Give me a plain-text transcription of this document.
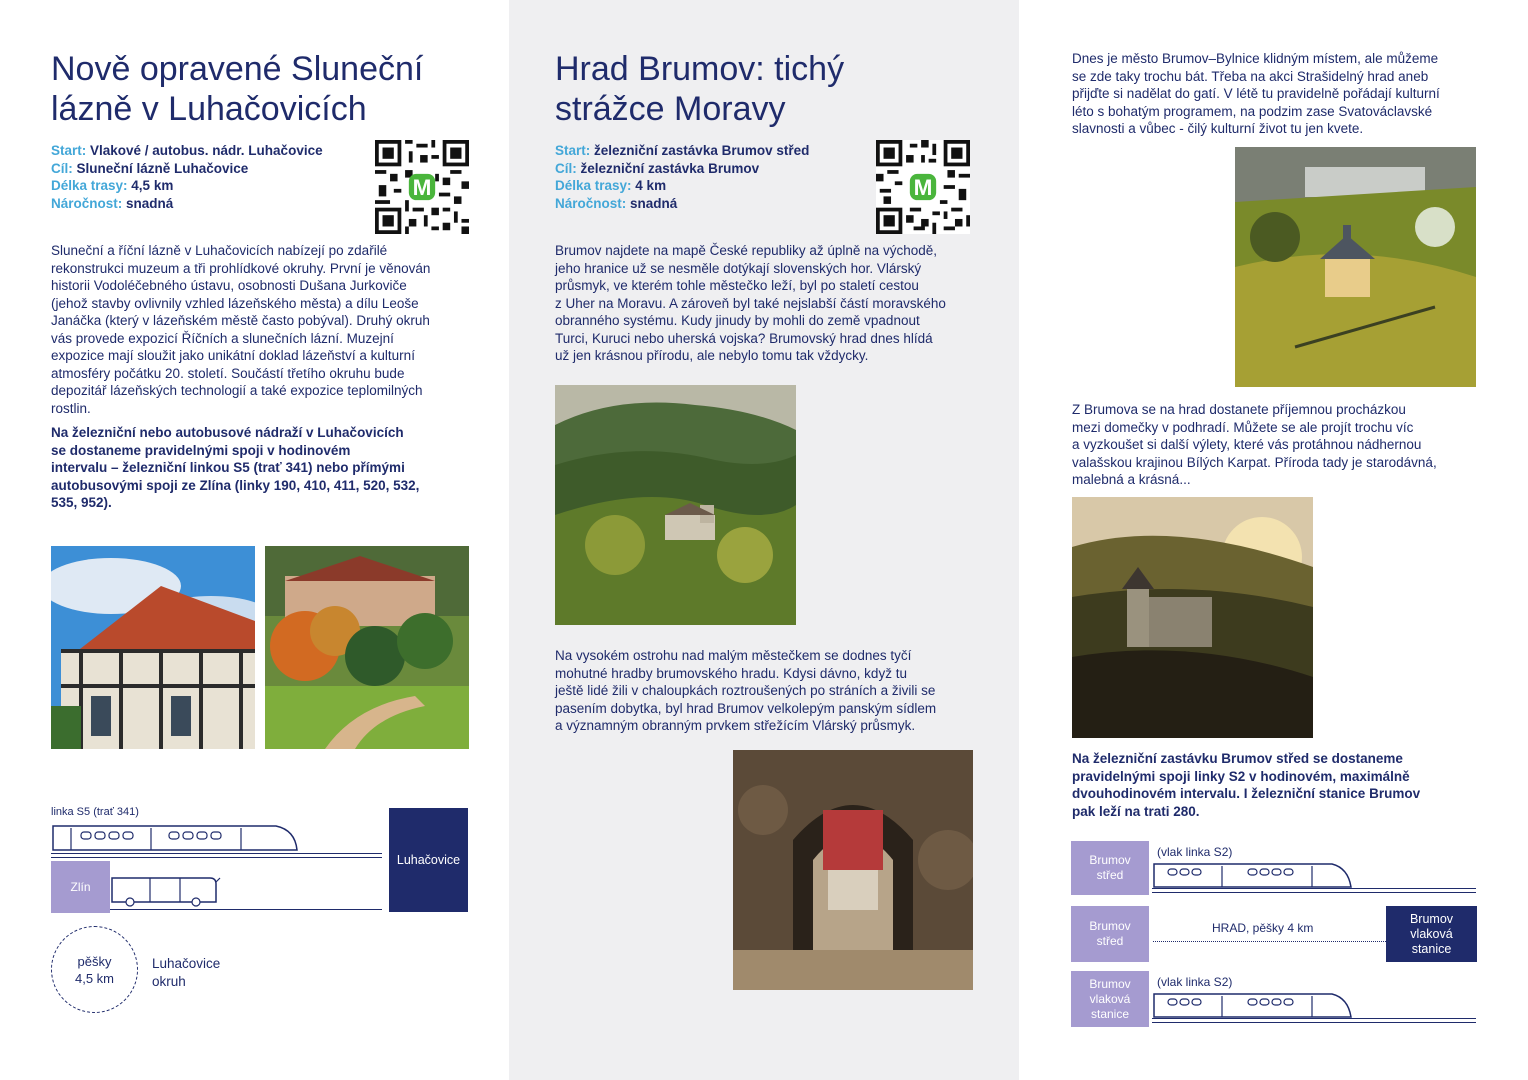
Nově opravené Sluneční
lázně v Luhačovicích
Start: Vlakové / autobus. nádr. Luhačovice
Cíl: Sluneční lázně Luhačovice
Délka trasy: 4,5 km
Náročnost: snadná
M
Sluneční a říční lázně v Luhačovicích nabízejí po zdařilé
rekonstrukci muzeum a tři prohlídkové okruhy. První je věnován
historii Vodoléčebného ústavu, osobnosti Dušana Jurkoviče
(jehož stavby ovlivnily vzhled lázeňského města) a dílu Leoše
Janáčka (který v lázeňském městě často pobýval). Druhý okruh
vás provede expozicí Říčních a slunečních lázní. Muzejní
expozice mají sloužit jako unikátní doklad lázeňství a kulturní
atmosféry počátku 20. století. Součástí třetího okruhu bude
depozitář lázeňských technologií a také expozice teplomilných
rostlin.
Na železniční nebo autobusové nádraží v Luhačovicích
se dostaneme pravidelnými spoji v hodinovém
intervalu – železniční linkou S5 (trať 341) nebo přímými
autobusovými spoji ze Zlína (linky 190, 410, 411, 520, 532,
535, 952).
linka S5 (trať 341)
Zlín
Luhačovice
pěšky
4,5 km
Luhačovice
okruh
Hrad Brumov: tichý
strážce Moravy
Start: železniční zastávka Brumov střed
Cíl: železniční zastávka Brumov
Délka trasy: 4 km
Náročnost: snadná
M
Brumov najdete na mapě České republiky až úplně na východě,
jeho hranice už se nesměle dotýkají slovenských hor. Vlárský
průsmyk, ve kterém tohle městečko leží, byl po staletí cestou
z Uher na Moravu. A zároveň byl také nejslabší částí moravského
obranného systému. Kudy jinudy by mohli do země vpadnout
Turci, Kuruci nebo uherská vojska? Brumovský hrad dnes hlídá
už jen krásnou přírodu, ale nebylo tomu tak vždycky.
Na vysokém ostrohu nad malým městečkem se dodnes tyčí
mohutné hradby brumovského hradu. Kdysi dávno, když tu
ještě lidé žili v chaloupkách roztroušených po stráních a živili se
pasením dobytka, byl hrad Brumov velkolepým panským sídlem
a významným obranným prvkem střežícím Vlárský průsmyk.
Dnes je město Brumov–Bylnice klidným místem, ale můžeme
se zde taky trochu bát. Třeba na akci Strašidelný hrad aneb
přijďte si nadělat do gatí. V létě tu pravidelně pořádají kulturní
léto s bohatým programem, na podzim zase Svatováclavské
slavnosti a vůbec - čilý kulturní život tu jen kvete.
Z Brumova se na hrad dostanete příjemnou procházkou
mezi domečky v podhradí. Můžete se ale projít trochu víc
a vyzkoušet si další výlety, které vás protáhnou nádhernou
valašskou krajinou Bílých Karpat. Příroda tady je starodávná,
malebná a krásná...
Na železniční zastávku Brumov střed se dostaneme
pravidelnými spoji linky S2 v hodinovém, maximálně
dvouhodinovém intervalu. I železniční stanice Brumov
pak leží na trati 280.
Brumov
střed
(vlak linka S2)
Brumov
střed
HRAD, pěšky 4 km
Brumov
vlaková
stanice
Brumov
vlaková
stanice
(vlak linka S2)
